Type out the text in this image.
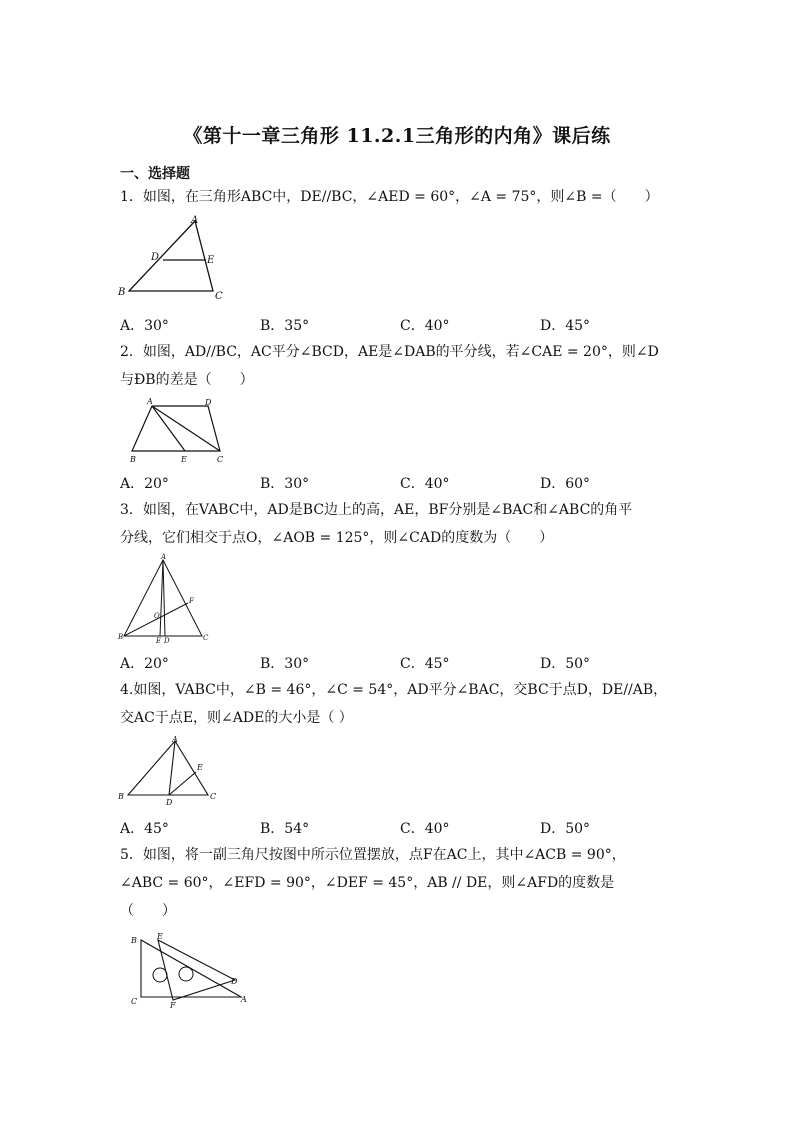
《第十一章三角形 11.2.1三角形的内角》课后练
一、选择题
1．如图，在三角形ABC中，DE//BC，∠AED = 60°，∠A = 75°，则∠B =（　　）
A
D	E
B	C
A．30°	B．35°	C．40°	D．45°
2．如图，AD//BC，AC平分∠BCD，AE是∠DAB的平分线，若∠CAE = 20°，则∠D
与ÐB的差是（　　）
A	D
B	E	C
A．20°	B．30°	C．40°	D．60°
3．如图，在VABC中，AD是BC边上的高，AE，BF分别是∠BAC和∠ABC的角平
分线，它们相交于点O，∠AOB = 125°，则∠CAD的度数为（　　）
A
F
O
B	E D	C
A．20°	B．30°	C．45°	D．50°
4.如图，VABC中，∠B = 46°，∠C = 54°，AD平分∠BAC，交BC于点D，DE//AB，
交AC于点E，则∠ADE的大小是（ ）
A
E
B
D
C
A．45°	B．54°	C．40°	D．50°
5．如图，将一副三角尺按图中所示位置摆放，点F在AC上，其中∠ACB = 90°，
∠ABC = 60°，∠EFD = 90°，∠DEF = 45°，AB // DE，则∠AFD的度数是
（　　）
B	E
D
C	F
A
